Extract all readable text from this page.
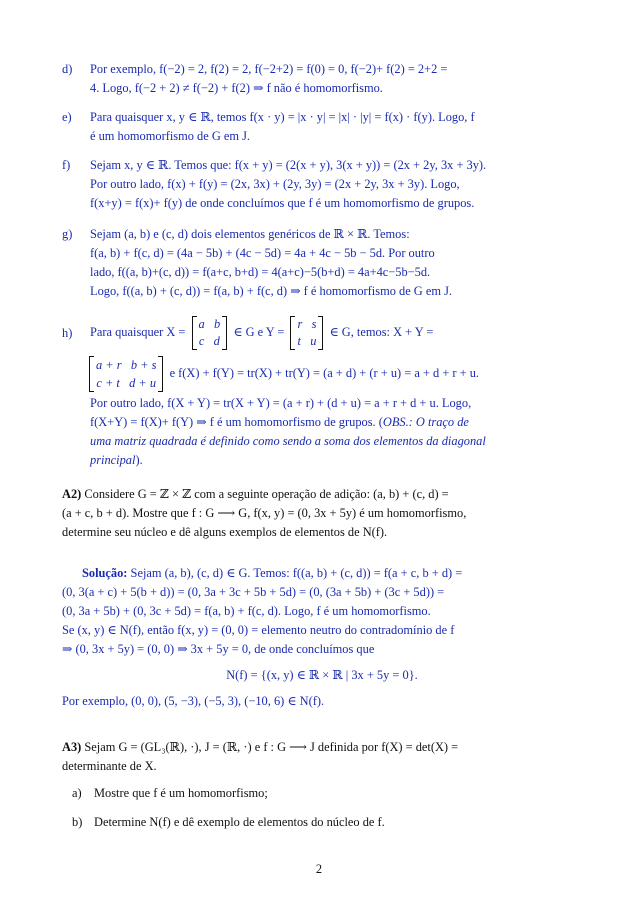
d)	Por exemplo, f(−2) = 2, f(2) = 2, f(−2+2) = f(0) = 0, f(−2)+ f(2) = 2+2 =
4. Logo, f(−2 + 2) ≠ f(−2) + f(2) ⇒ f não é homomorfismo.
e)	Para quaisquer x, y ∈ ℝ, temos f(x · y) = |x · y| = |x| · |y| = f(x) · f(y). Logo, f
é um homomorfismo de G em J.
f)	Sejam x, y ∈ ℝ. Temos que: f(x + y) = (2(x + y), 3(x + y)) = (2x + 2y, 3x + 3y).
Por outro lado, f(x) + f(y) = (2x, 3x) + (2y, 3y) = (2x + 2y, 3x + 3y). Logo,
f(x+y) = f(x)+ f(y) de onde concluímos que f é um homomorfismo de grupos.
g)	Sejam (a, b) e (c, d) dois elementos genéricos de ℝ × ℝ. Temos:
f(a, b) + f(c, d) = (4a − 5b) + (4c − 5d) = 4a + 4c − 5b − 5d. Por outro
lado, f((a, b)+(c, d)) = f(a+c, b+d) = 4(a+c)−5(b+d) = 4a+4c−5b−5d.
Logo, f((a, b) + (c, d)) = f(a, b) + f(c, d) ⇒ f é homomorfismo de G em J.
h)	Para quaisquer X =
a   b
c   d
∈ G e Y =
r   s
t   u
∈ G, temos: X + Y =
a + r   b + s
c + t   d + u
e f(X) + f(Y) = tr(X) + tr(Y) = (a + d) + (r + u) = a + d + r + u.
Por outro lado, f(X + Y) = tr(X + Y) = (a + r) + (d + u) = a + r + d + u. Logo,
f(X+Y) = f(X)+ f(Y) ⇒ f é um homomorfismo de grupos. (OBS.: O traço de
uma matriz quadrada é definido como sendo a soma dos elementos da diagonal
principal).
A2) Considere G = ℤ × ℤ com a seguinte operação de adição: (a, b) + (c, d) =
(a + c, b + d). Mostre que f : G ⟶ G, f(x, y) = (0, 3x + 5y) é um homomorfismo,
determine seu núcleo e dê alguns exemplos de elementos de N(f).
Solução: Sejam (a, b), (c, d) ∈ G. Temos: f((a, b) + (c, d)) = f(a + c, b + d) =
(0, 3(a + c) + 5(b + d)) = (0, 3a + 3c + 5b + 5d) = (0, (3a + 5b) + (3c + 5d)) =
(0, 3a + 5b) + (0, 3c + 5d) = f(a, b) + f(c, d). Logo, f é um homomorfismo.
Se (x, y) ∈ N(f), então f(x, y) = (0, 0) = elemento neutro do contradomínio de f
⇒ (0, 3x + 5y) = (0, 0) ⇒ 3x + 5y = 0, de onde concluímos que
N(f) = {(x, y) ∈ ℝ × ℝ | 3x + 5y = 0}.
Por exemplo, (0, 0), (5, −3), (−5, 3), (−10, 6) ∈ N(f).
A3) Sejam G = (GL₃(ℝ), ·), J = (ℝ, ·) e f : G ⟶ J definida por f(X) = det(X) =
determinante de X.
a) Mostre que f é um homomorfismo;
b) Determine N(f) e dê exemplo de elementos do núcleo de f.
2
